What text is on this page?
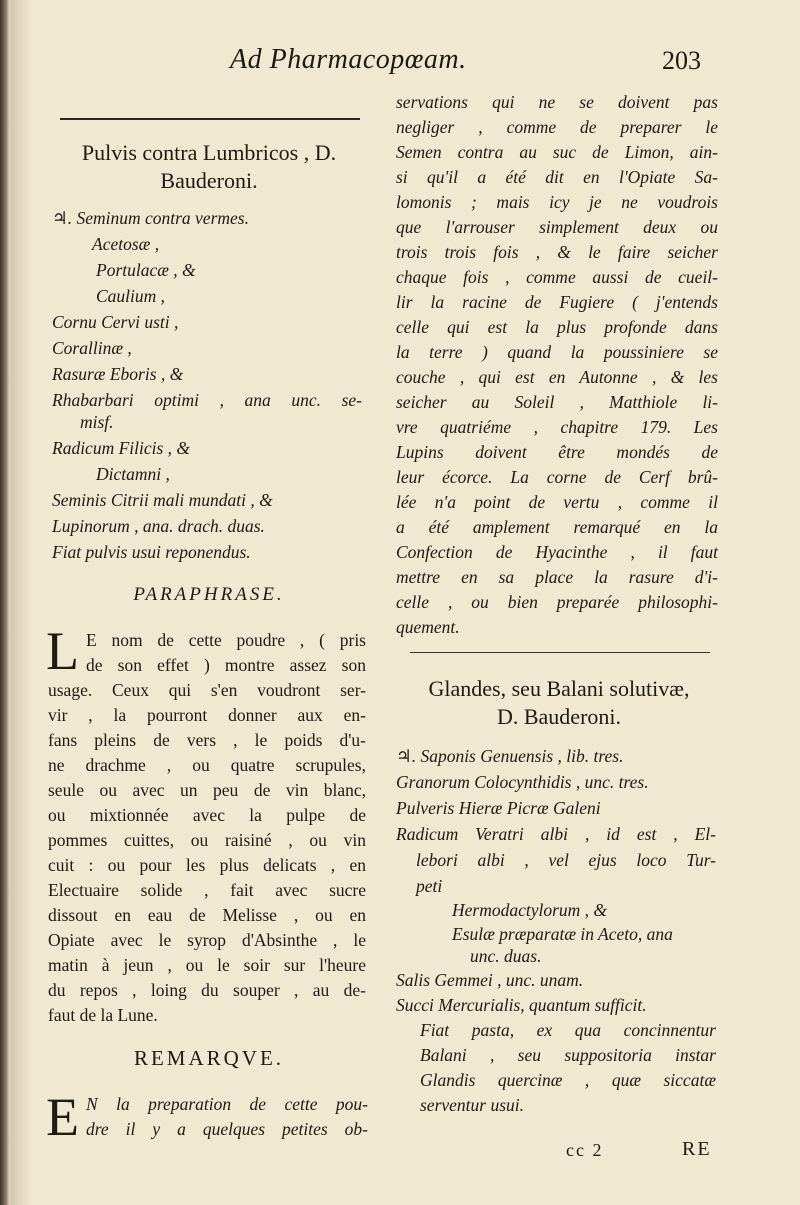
Ad Pharmacopœam.	203
Pulvis contra Lumbricos , D.
Bauderoni.
♃. Seminum contra vermes.
Acetosæ ,
Portulacæ , &
Caulium ,
Cornu Cervi usti ,
Corallinæ ,
Rasuræ Eboris , &
Rhabarbari optimi , ana unc. se-
misf.
Radicum Filicis , &
Dictamni ,
Seminis Citrii mali mundati , &
Lupinorum , ana. drach. duas.
Fiat pulvis usui reponendus.
PARAPHRASE.
L E nom de cette poudre , ( pris
de son effet ) montre assez son
usage. Ceux qui s'en voudront ser-
vir , la pourront donner aux en-
fans pleins de vers , le poids d'u-
ne drachme , ou quatre scrupules,
seule ou avec un peu de vin blanc,
ou mixtionnée avec la pulpe de
pommes cuittes, ou raisiné , ou vin
cuit : ou pour les plus delicats , en
Electuaire solide , fait avec sucre
dissout en eau de Melisse , ou en
Opiate avec le syrop d'Absinthe , le
matin à jeun , ou le soir sur l'heure
du repos , loing du souper , au de-
faut de la Lune.
REMARQVE.
E N la preparation de cette pou-
dre il y a quelques petites ob-
servations qui ne se doivent pas
negliger , comme de preparer le
Semen contra au suc de Limon, ain-
si qu'il a été dit en l'Opiate Sa-
lomonis ; mais icy je ne voudrois
que l'arrouser simplement deux ou
trois trois fois , & le faire seicher
chaque fois , comme aussi de cueil-
lir la racine de Fugiere ( j'entends
celle qui est la plus profonde dans
la terre ) quand la poussiniere se
couche , qui est en Autonne , & les
seicher au Soleil , Matthiole li-
vre quatriéme , chapitre 179. Les
Lupins doivent être mondés de
leur écorce. La corne de Cerf brû-
lée n'a point de vertu , comme il
a été amplement remarqué en la
Confection de Hyacinthe , il faut
mettre en sa place la rasure d'i-
celle , ou bien preparée philosophi-
quement.
Glandes, seu Balani solutivæ,
D. Bauderoni.
♃. Saponis Genuensis , lib. tres.
Granorum Colocynthidis , unc. tres.
Pulveris Hieræ Picræ Galeni
Radicum Veratri albi , id est , El-
lebori albi , vel ejus loco Tur-
peti
Hermodactylorum , &
Esulæ præparatæ in Aceto, ana
unc. duas.
Salis Gemmei , unc. unam.
Succi Mercurialis, quantum sufficit.
Fiat pasta, ex qua concinnentur
Balani , seu suppositoria instar
Glandis quercinæ , quæ siccatæ
serventur usui.
cc 2	RE
